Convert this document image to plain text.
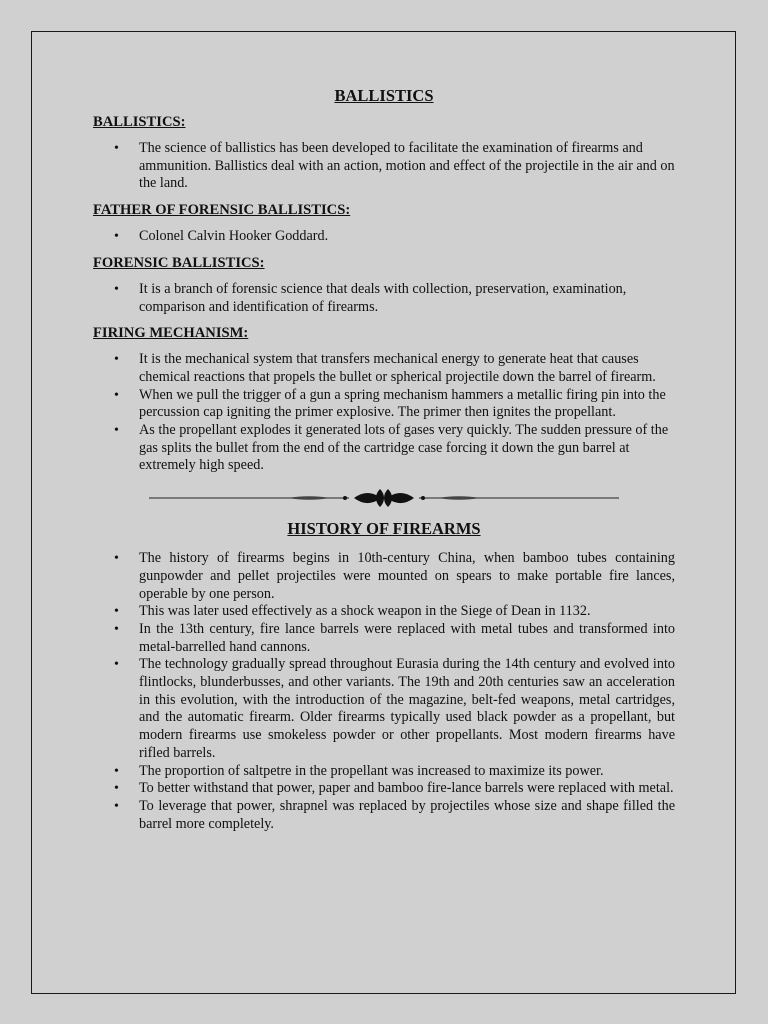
BALLISTICS
BALLISTICS:
• The science of ballistics has been developed to facilitate the examination of firearms and ammunition. Ballistics deal with an action, motion and effect of the projectile in the air and on the land.
FATHER OF FORENSIC BALLISTICS:
• Colonel Calvin Hooker Goddard.
FORENSIC BALLISTICS:
• It is a branch of forensic science that deals with collection, preservation, examination, comparison and identification of firearms.
FIRING MECHANISM:
• It is the mechanical system that transfers mechanical energy to generate heat that causes chemical reactions that propels the bullet or spherical projectile down the barrel of firearm.
• When we pull the trigger of a gun a spring mechanism hammers a metallic firing pin into the percussion cap igniting the primer explosive. The primer then ignites the propellant.
• As the propellant explodes it generated lots of gases very quickly. The sudden pressure of the gas splits the bullet from the end of the cartridge case forcing it down the gun barrel at extremely high speed.
HISTORY OF FIREARMS
• The history of firearms begins in 10th-century China, when bamboo tubes containing gunpowder and pellet projectiles were mounted on spears to make portable fire lances, operable by one person.
• This was later used effectively as a shock weapon in the Siege of Dean in 1132.
• In the 13th century, fire lance barrels were replaced with metal tubes and transformed into metal-barrelled hand cannons.
• The technology gradually spread throughout Eurasia during the 14th century and evolved into flintlocks, blunderbusses, and other variants. The 19th and 20th centuries saw an acceleration in this evolution, with the introduction of the magazine, belt-fed weapons, metal cartridges, and the automatic firearm. Older firearms typically used black powder as a propellant, but modern firearms use smokeless powder or other propellants. Most modern firearms have rifled barrels.
• The proportion of saltpetre in the propellant was increased to maximize its power.
• To better withstand that power, paper and bamboo fire-lance barrels were replaced with metal.
• To leverage that power, shrapnel was replaced by projectiles whose size and shape filled the barrel more completely.
